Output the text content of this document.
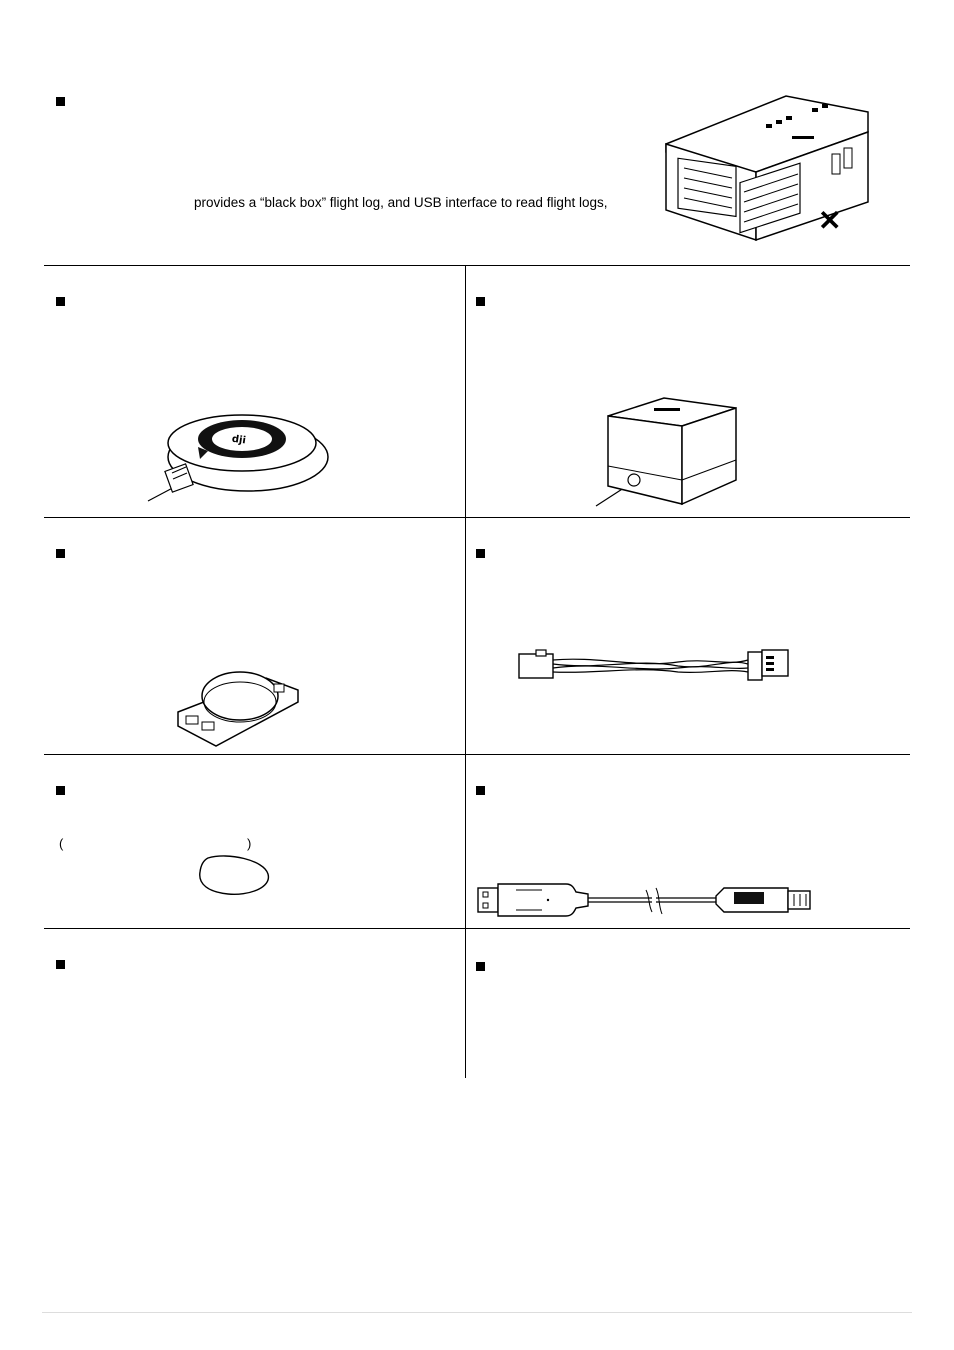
provides a “black box” flight log, and USB interface to read flight logs,
✕
dji
(	)
